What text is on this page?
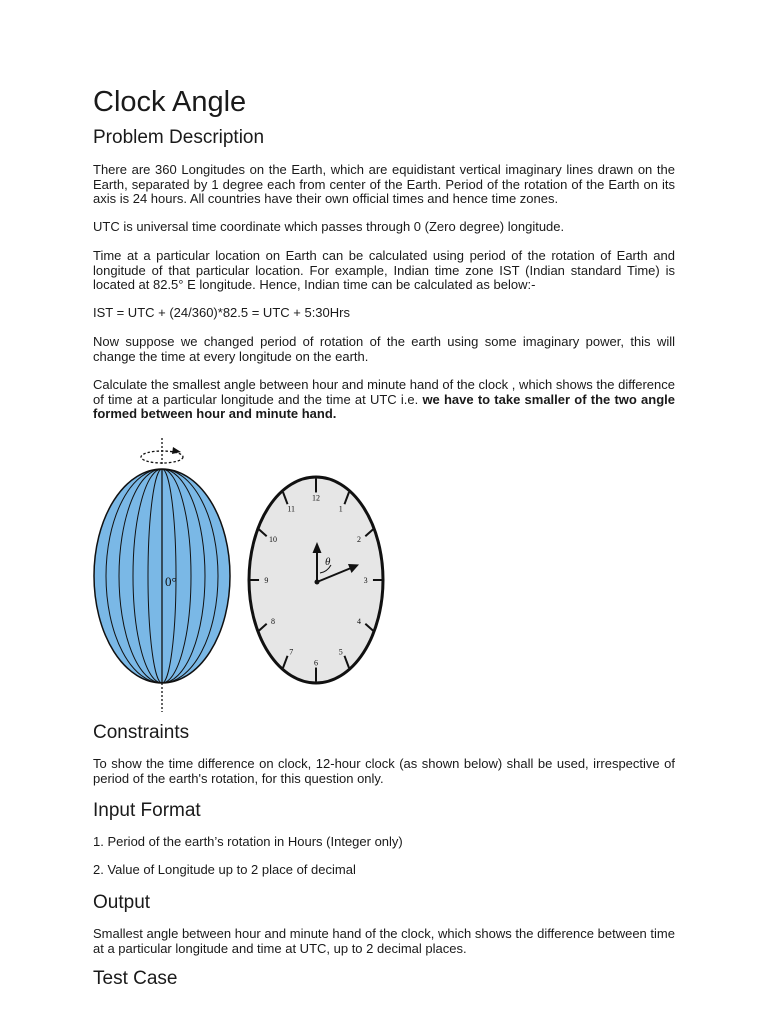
Clock Angle
Problem Description

There are 360 Longitudes on the Earth, which are equidistant vertical imaginary lines drawn on the Earth, separated by 1 degree each from center of the Earth. Period of the rotation of the Earth on its axis is 24 hours. All countries have their own official times and hence time zones.

UTC is universal time coordinate which passes through 0 (Zero degree) longitude.

Time at a particular location on Earth can be calculated using period of the rotation of Earth and longitude of that particular location. For example, Indian time zone IST (Indian standard Time) is located at 82.5° E longitude. Hence, Indian time can be calculated as below:-

IST = UTC + (24/360)*82.5 = UTC + 5:30Hrs

Now suppose we changed period of rotation of the earth using some imaginary power, this will change the time at every longitude on the earth.

Calculate the smallest angle between hour and minute hand of the clock , which shows the difference of time at a particular longitude and the time at UTC i.e. we have to take smaller of the two angle formed between hour and minute hand.

0°
12
1
2
3
4
5
6
7
8
9
10
11
θ
Constraints

To show the time difference on clock, 12-hour clock (as shown below) shall be used, irrespective of period of the earth's rotation, for this question only.

Input Format

1. Period of the earth’s rotation in Hours (Integer only)

2. Value of Longitude up to 2 place of decimal

Output

Smallest angle between hour and minute hand of the clock, which shows the difference between time at a particular longitude and time at UTC, up to 2 decimal places.

Test Case
